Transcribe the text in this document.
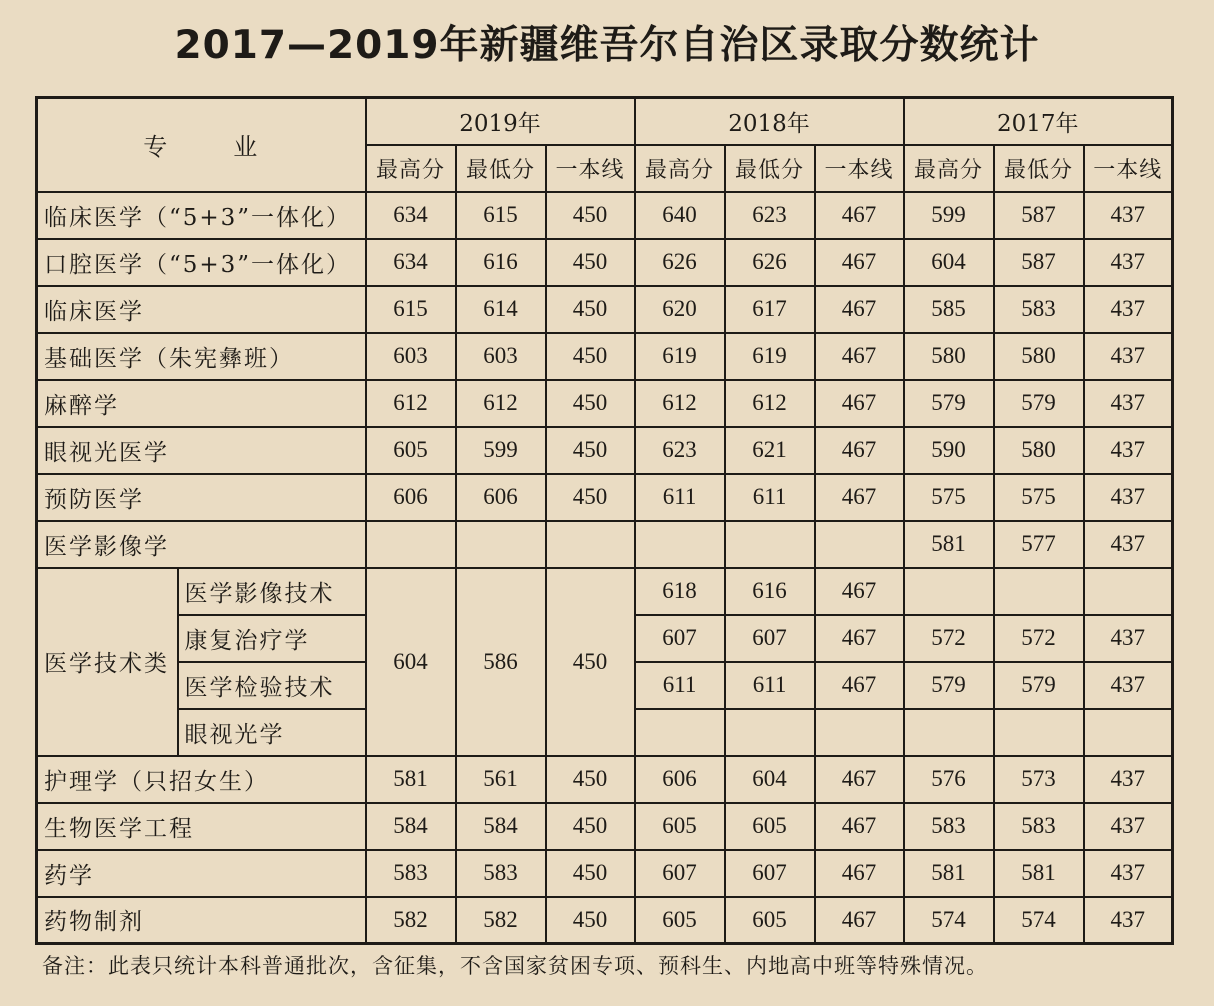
2017—2019年新疆维吾尔自治区录取分数统计
专 业		2019年			2018年			2017年		
		最高分	最低分	一本线	最高分	最低分	一本线	最高分	最低分	一本线
临床医学（“5+3”一体化）		634	615	450	640	623	467	599	587	437
口腔医学（“5+3”一体化）		634	616	450	626	626	467	604	587	437
临床医学		615	614	450	620	617	467	585	583	437
基础医学（朱宪彝班）		603	603	450	619	619	467	580	580	437
麻醉学		612	612	450	612	612	467	579	579	437
眼视光医学		605	599	450	623	621	467	590	580	437
预防医学		606	606	450	611	611	467	575	575	437
医学影像学								581	577	437
医学技术类	医学影像技术	604	586	450	618	616	467			
	康复治疗学				607	607	467	572	572	437
	医学检验技术				611	611	467	579	579	437
	眼视光学									
护理学（只招女生）		581	561	450	606	604	467	576	573	437
生物医学工程		584	584	450	605	605	467	583	583	437
药学		583	583	450	607	607	467	581	581	437
药物制剂		582	582	450	605	605	467	574	574	437
备注：此表只统计本科普通批次，含征集，不含国家贫困专项、预科生、内地高中班等特殊情况。
